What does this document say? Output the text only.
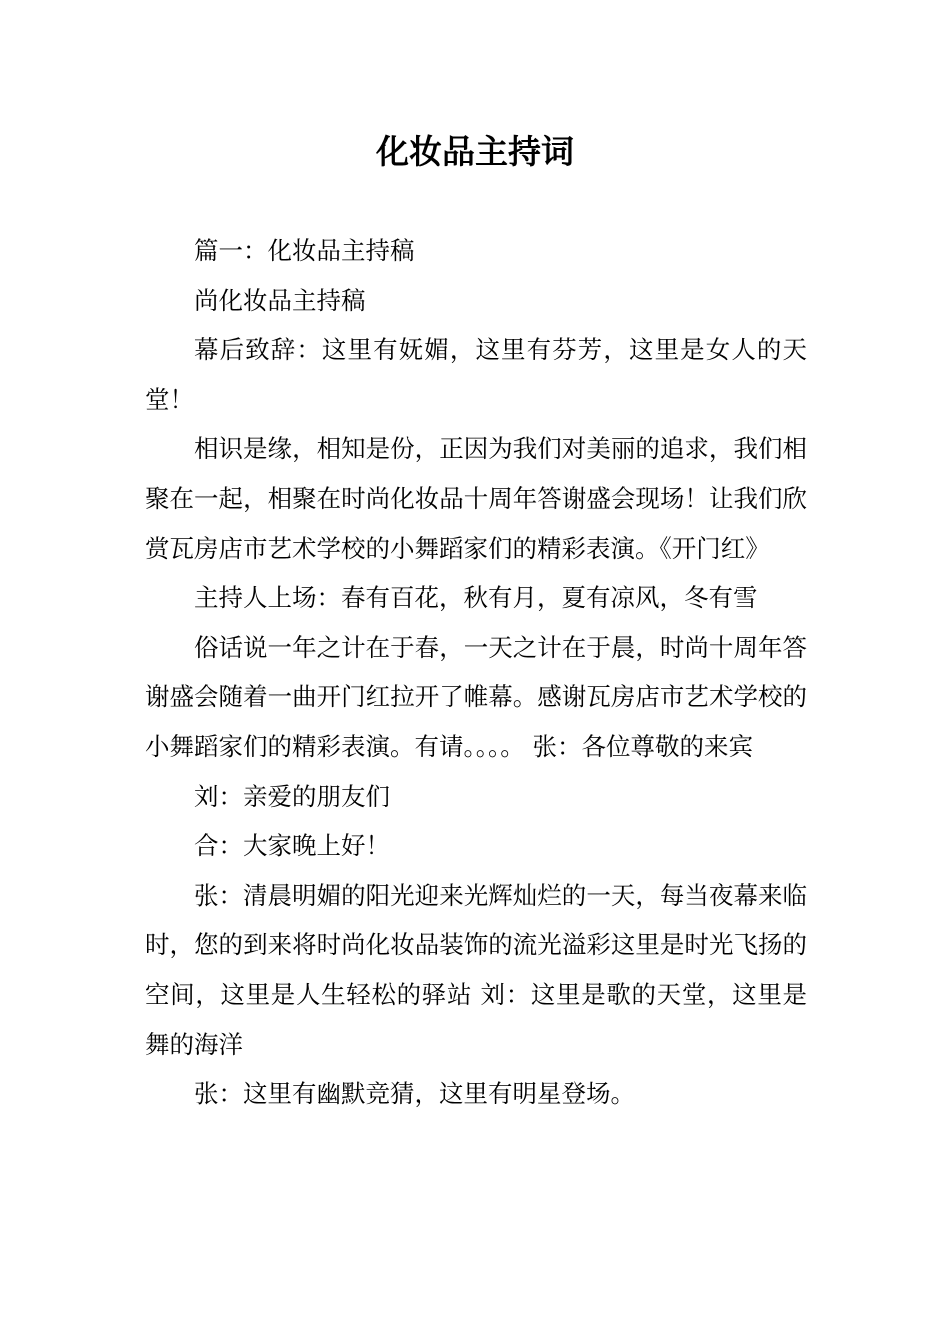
化妆品主持词

篇一：化妆品主持稿

尚化妆品主持稿

幕后致辞：这里有妩媚，这里有芬芳，这里是女人的天堂！

相识是缘，相知是份，正因为我们对美丽的追求，我们相聚在一起，相聚在时尚化妆品十周年答谢盛会现场！让我们欣赏瓦房店市艺术学校的小舞蹈家们的精彩表演。《开门红》

主持人上场：春有百花，秋有月，夏有凉风，冬有雪

俗话说一年之计在于春，一天之计在于晨，时尚十周年答谢盛会随着一曲开门红拉开了帷幕。感谢瓦房店市艺术学校的小舞蹈家们的精彩表演。有请。。。。 张：各位尊敬的来宾

刘：亲爱的朋友们

合：大家晚上好！

张：清晨明媚的阳光迎来光辉灿烂的一天，每当夜幕来临时，您的到来将时尚化妆品装饰的流光溢彩这里是时光飞扬的空间，这里是人生轻松的驿站 刘：这里是歌的天堂，这里是舞的海洋

张：这里有幽默竞猜，这里有明星登场。
